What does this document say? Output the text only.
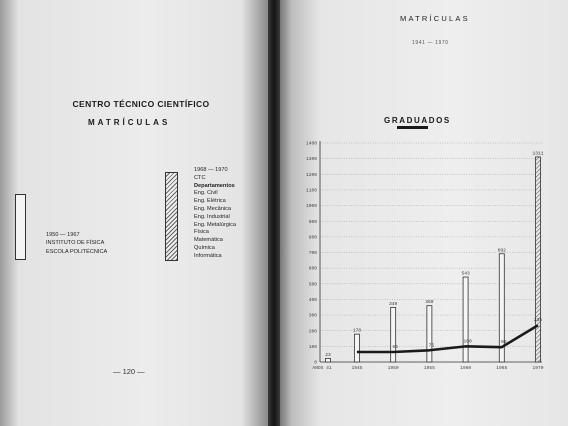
CENTRO TÉCNICO CIENTÍFICO
MATRÍCULAS
1950 — 1967
INSTITUTO DE FÍSICA
ESCOLA POLITÉCNICA
1968 — 1970
CTC
Departamentos
Eng. Civil
Eng. Elétrica
Eng. Mecânica
Eng. Industrial
Eng. Metalúrgica
Física
Matemática
Química
Informática
— 120 —
MATRÍCULAS
1941 — 1970
GRADUADOS
0
100
200
300
400
500
600
700
800
900
1000
1100
1200
1300
1400
23
178
349	360
543
692
1311
64	75
100	95
235
ANOS 41	1945	1950	1955	1960	1965	1970
